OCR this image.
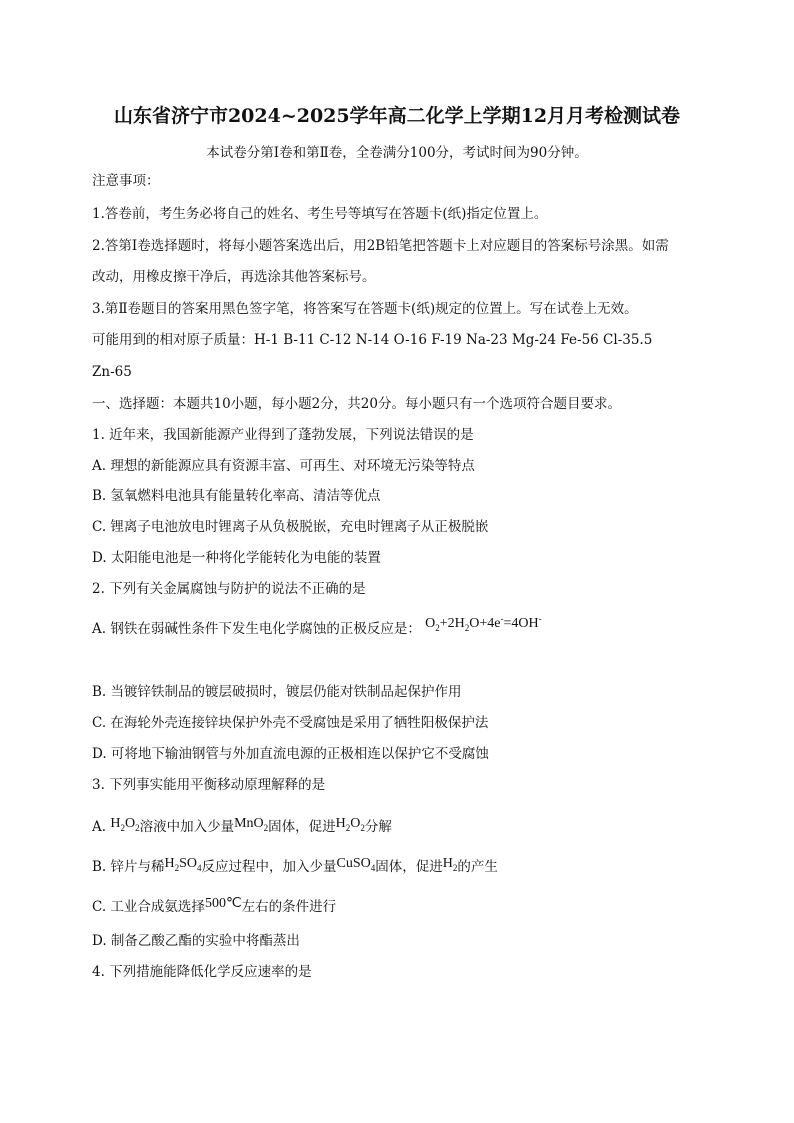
山东省济宁市2024~2025学年高二化学上学期12月月考检测试卷
本试卷分第Ⅰ卷和第Ⅱ卷，全卷满分100分，考试时间为90分钟。
注意事项：
1.答卷前，考生务必将自己的姓名、考生号等填写在答题卡(纸)指定位置上。
2.答第Ⅰ卷选择题时，将每小题答案选出后，用2B铅笔把答题卡上对应题目的答案标号涂黑。如需
改动，用橡皮擦干净后，再选涂其他答案标号。
3.第Ⅱ卷题目的答案用黑色签字笔，将答案写在答题卡(纸)规定的位置上。写在试卷上无效。
可能用到的相对原子质量：H-1 B-11 C-12 N-14 O-16 F-19 Na-23 Mg-24 Fe-56 Cl-35.5
Zn-65
一、选择题：本题共10小题，每小题2分，共20分。每小题只有一个选项符合题目要求。
1. 近年来，我国新能源产业得到了蓬勃发展，下列说法错误的是
A. 理想的新能源应具有资源丰富、可再生、对环境无污染等特点
B. 氢氧燃料电池具有能量转化率高、清洁等优点
C. 锂离子电池放电时锂离子从负极脱嵌，充电时锂离子从正极脱嵌
D. 太阳能电池是一种将化学能转化为电能的装置
2. 下列有关金属腐蚀与防护的说法不正确的是
A. 钢铁在弱碱性条件下发生电化学腐蚀的正极反应是： $O_2+2H_2O+4e^-=4OH^-$
B. 当镀锌铁制品的镀层破损时，镀层仍能对铁制品起保护作用
C. 在海轮外壳连接锌块保护外壳不受腐蚀是采用了牺牲阳极保护法
D. 可将地下输油钢管与外加直流电源的正极相连以保护它不受腐蚀
3. 下列事实能用平衡移动原理解释的是
A. $H_2O_2$溶液中加入少量MnO$_2$固体，促进$H_2O_2$分解
B. 锌片与稀$H_2SO_4$反应过程中，加入少量CuSO$_4$固体，促进$H_2$的产生
C. 工业合成氨选择500℃左右的条件进行
D. 制备乙酸乙酯的实验中将酯蒸出
4. 下列措施能降低化学反应速率的是
